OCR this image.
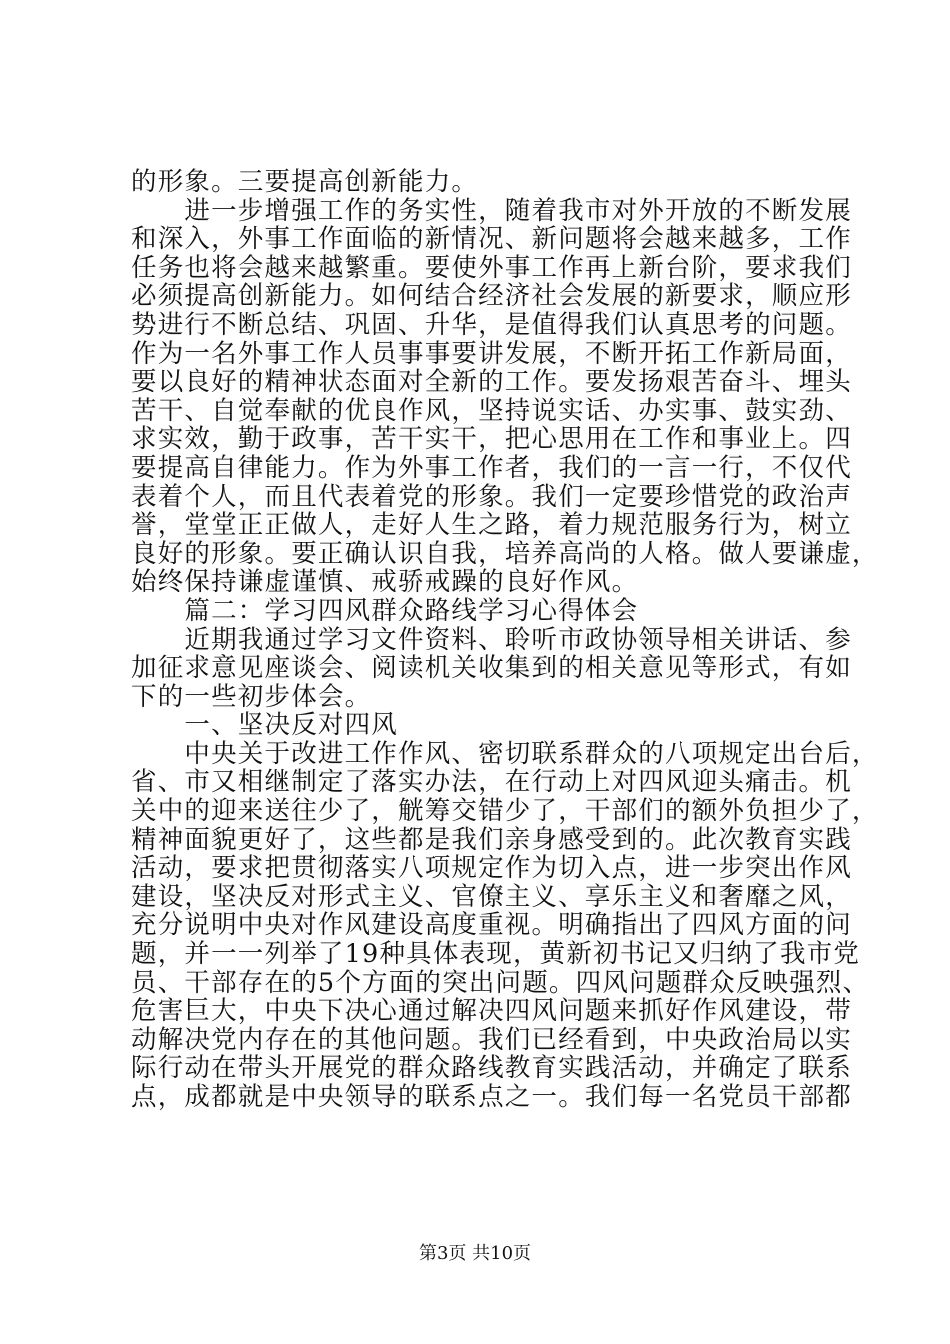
的形象。三要提高创新能力。
　　进一步增强工作的务实性，随着我市对外开放的不断发展
和深入，外事工作面临的新情况、新问题将会越来越多，工作
任务也将会越来越繁重。要使外事工作再上新台阶，要求我们
必须提高创新能力。如何结合经济社会发展的新要求，顺应形
势进行不断总结、巩固、升华，是值得我们认真思考的问题。
作为一名外事工作人员事事要讲发展，不断开拓工作新局面，
要以良好的精神状态面对全新的工作。要发扬艰苦奋斗、埋头
苦干、自觉奉献的优良作风，坚持说实话、办实事、鼓实劲、
求实效，勤于政事，苦干实干，把心思用在工作和事业上。四
要提高自律能力。作为外事工作者，我们的一言一行，不仅代
表着个人，而且代表着党的形象。我们一定要珍惜党的政治声
誉，堂堂正正做人，走好人生之路，着力规范服务行为，树立
良好的形象。要正确认识自我，培养高尚的人格。做人要谦虚，
始终保持谦虚谨慎、戒骄戒躁的良好作风。
　　篇二：学习四风群众路线学习心得体会
　　近期我通过学习文件资料、聆听市政协领导相关讲话、参
加征求意见座谈会、阅读机关收集到的相关意见等形式，有如
下的一些初步体会。
　　一、坚决反对四风
　　中央关于改进工作作风、密切联系群众的八项规定出台后，
省、市又相继制定了落实办法，在行动上对四风迎头痛击。机
关中的迎来送往少了，觥筹交错少了，干部们的额外负担少了，
精神面貌更好了，这些都是我们亲身感受到的。此次教育实践
活动，要求把贯彻落实八项规定作为切入点，进一步突出作风
建设，坚决反对形式主义、官僚主义、享乐主义和奢靡之风，
充分说明中央对作风建设高度重视。明确指出了四风方面的问
题，并一一列举了19种具体表现，黄新初书记又归纳了我市党
员、干部存在的5个方面的突出问题。四风问题群众反映强烈、
危害巨大，中央下决心通过解决四风问题来抓好作风建设，带
动解决党内存在的其他问题。我们已经看到，中央政治局以实
际行动在带头开展党的群众路线教育实践活动，并确定了联系
点，成都就是中央领导的联系点之一。我们每一名党员干部都
第3页 共10页
